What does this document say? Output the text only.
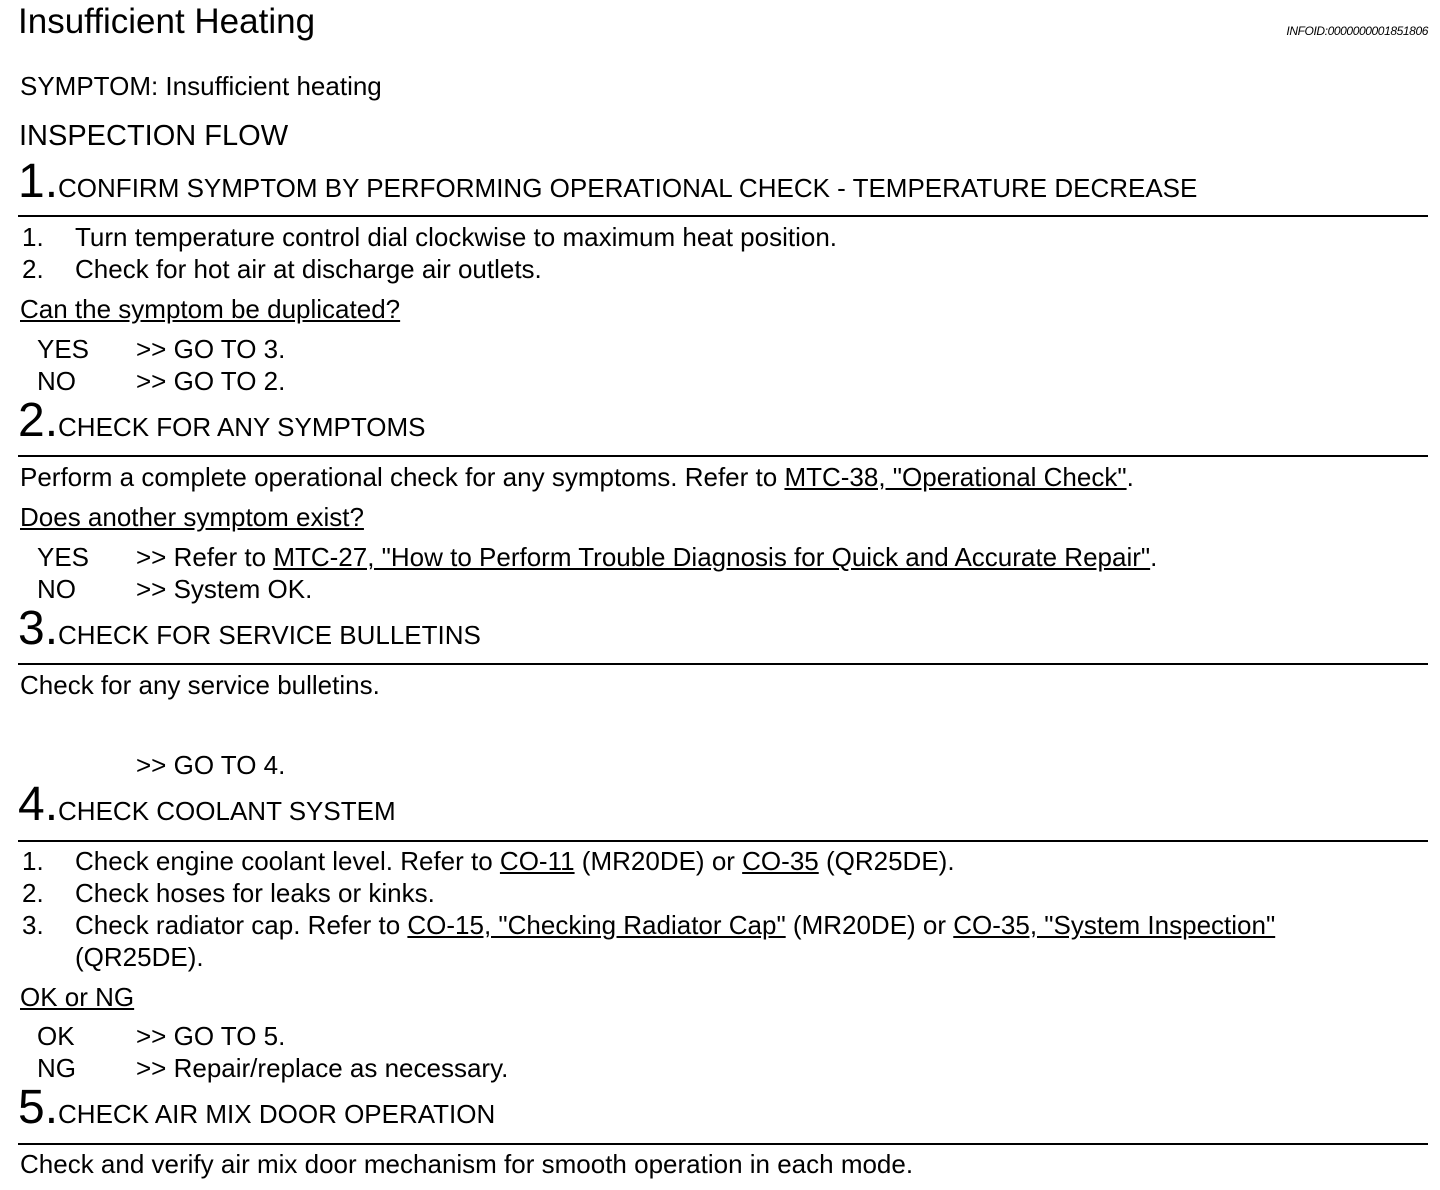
Insufficient Heating	INFOID:0000000001851806
SYMPTOM: Insufficient heating
INSPECTION FLOW
1. CONFIRM SYMPTOM BY PERFORMING OPERATIONAL CHECK - TEMPERATURE DECREASE
1. Turn temperature control dial clockwise to maximum heat position.
2. Check for hot air at discharge air outlets.
Can the symptom be duplicated?
YES >> GO TO 3.
NO >> GO TO 2.
2. CHECK FOR ANY SYMPTOMS
Perform a complete operational check for any symptoms. Refer to MTC-38, "Operational Check".
Does another symptom exist?
YES >> Refer to MTC-27, "How to Perform Trouble Diagnosis for Quick and Accurate Repair".
NO >> System OK.
3. CHECK FOR SERVICE BULLETINS
Check for any service bulletins.
>> GO TO 4.
4. CHECK COOLANT SYSTEM
1. Check engine coolant level. Refer to CO-11 (MR20DE) or CO-35 (QR25DE).
2. Check hoses for leaks or kinks.
3. Check radiator cap. Refer to CO-15, "Checking Radiator Cap" (MR20DE) or CO-35, "System Inspection"
(QR25DE).
OK or NG
OK >> GO TO 5.
NG >> Repair/replace as necessary.
5. CHECK AIR MIX DOOR OPERATION
Check and verify air mix door mechanism for smooth operation in each mode.
